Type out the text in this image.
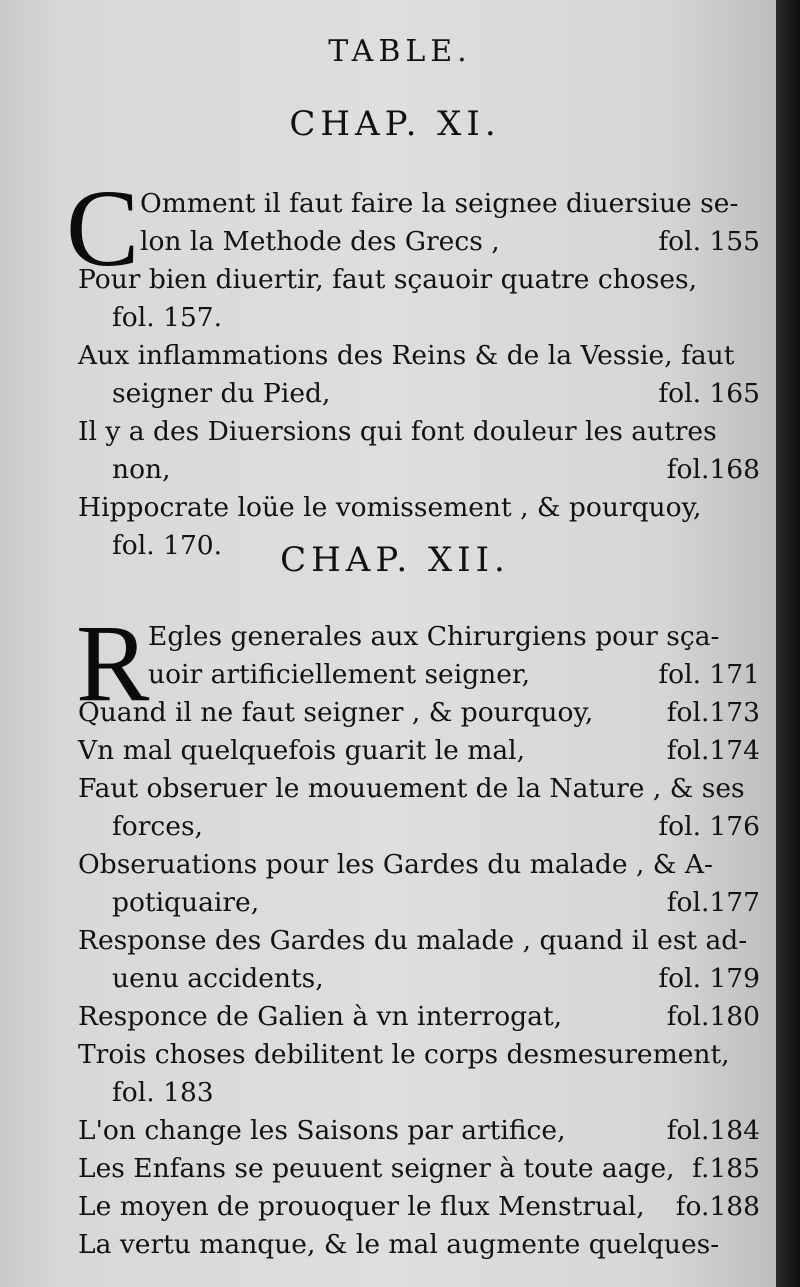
TABLE.
CHAP. XI.
C Omment il faut faire la seignee diuersiue se-
lon la Methode des Grecs ,	fol. 155
Pour bien diuertir, faut sçauoir quatre choses,
fol. 157.
Aux inflammations des Reins & de la Vessie, faut
seigner du Pied,	fol. 165
Il y a des Diuersions qui font douleur les autres
non,	fol.168
Hippocrate loüe le vomissement , & pourquoy,
fol. 170.	CHAP. XII.
R
Egles generales aux Chirurgiens pour sça-
uoir artificiellement seigner,	fol. 171
Quand il ne faut seigner , & pourquoy,	fol.173
Vn mal quelquefois guarit le mal,	fol.174
Faut obseruer le mouuement de la Nature , & ses
forces,	fol. 176
Obseruations pour les Gardes du malade , & A-
potiquaire,	fol.177
Response des Gardes du malade , quand il est ad-
uenu accidents,	fol. 179
Responce de Galien à vn interrogat,	fol.180
Trois choses debilitent le corps desmesurement,
fol. 183
L'on change les Saisons par artifice,	fol.184
Les Enfans se peuuent seigner à toute aage, f.185
Le moyen de prouoquer le flux Menstrual, fo.188
La vertu manque, & le mal augmente quelques-
